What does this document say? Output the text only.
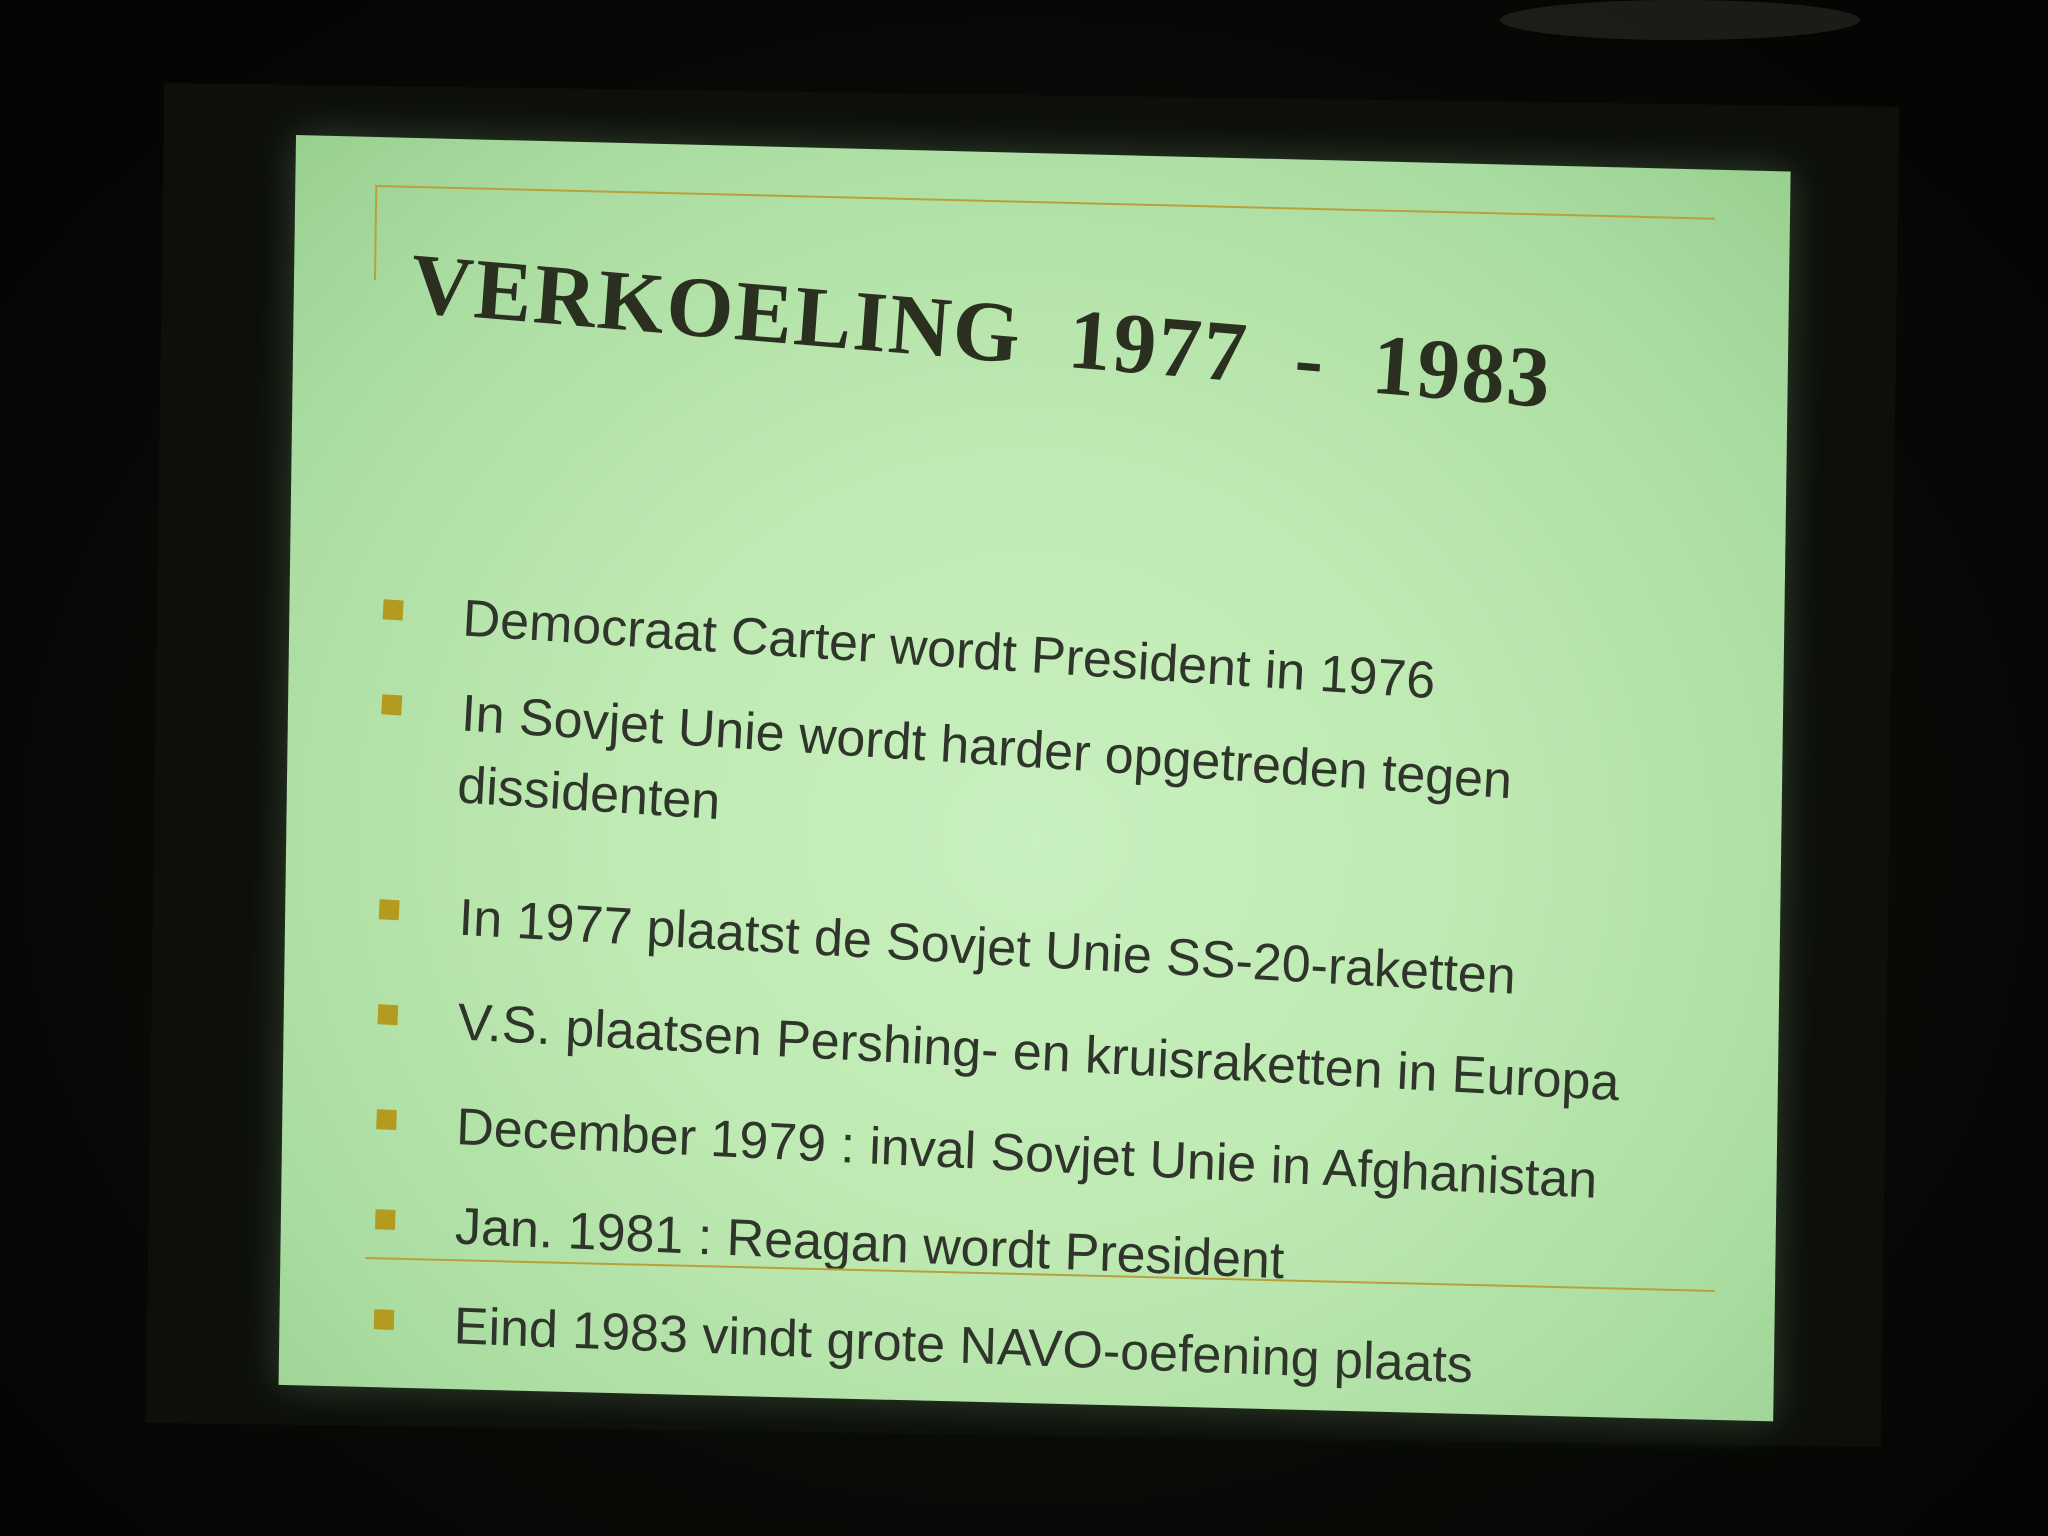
VERKOELING  1977  -  1983
Democraat Carter wordt President in 1976
In Sovjet Unie wordt harder opgetreden tegen dissidenten
In 1977 plaatst de Sovjet Unie SS-20-raketten
V.S. plaatsen Pershing- en kruisraketten in Europa
December 1979 : inval Sovjet Unie in Afghanistan
Jan. 1981 : Reagan wordt President
Eind 1983 vindt grote NAVO-oefening plaats
